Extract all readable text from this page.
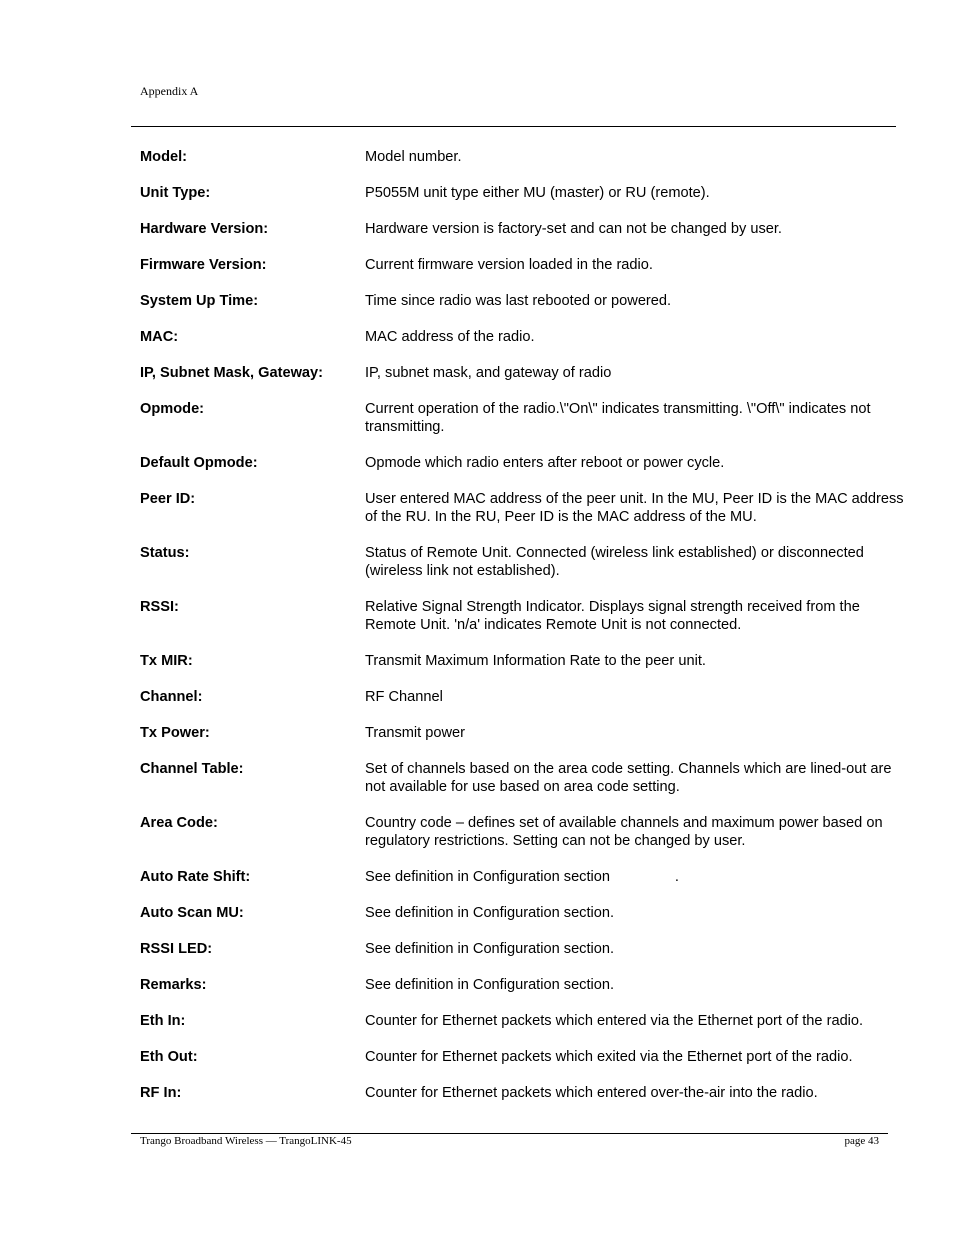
Appendix A
Model:	Model number.
Unit Type:	P5055M unit type either MU (master) or RU (remote).
Hardware Version:	Hardware version is factory-set and can not be changed by user.
Firmware Version:	Current firmware version loaded in the radio.
System Up Time:	Time since radio was last rebooted or powered.
MAC:	MAC address of the radio.
IP, Subnet Mask, Gateway:	IP, subnet mask, and gateway of radio
Opmode:	Current operation of the radio.\"On\" indicates transmitting. \"Off\" indicates not transmitting.
Default Opmode:	Opmode which radio enters after reboot or power cycle.
Peer ID:	User entered MAC address of the peer unit. In the MU, Peer ID is the MAC address of the RU. In the RU, Peer ID is the MAC address of the MU.
Status:	Status of Remote Unit. Connected (wireless link established) or disconnected (wireless link not established).
RSSI:	Relative Signal Strength Indicator. Displays signal strength received from the Remote Unit. 'n/a' indicates Remote Unit is not connected.
Tx MIR:	Transmit Maximum Information Rate to the peer unit.
Channel:	RF Channel
Tx Power:	Transmit power
Channel Table:	Set of channels based on the area code setting. Channels which are lined-out are not available for use based on area code setting.
Area Code:	Country code – defines set of available channels and maximum power based on regulatory restrictions. Setting can not be changed by user.
Auto Rate Shift:	See definition in Configuration section                .
Auto Scan MU:	See definition in Configuration section.
RSSI LED:	See definition in Configuration section.
Remarks:	See definition in Configuration section.
Eth In:	Counter for Ethernet packets which entered via the Ethernet port of the radio.
Eth Out:	Counter for Ethernet packets which exited via the Ethernet port of the radio.
RF In:	Counter for Ethernet packets which entered over-the-air into the radio.
Trango Broadband Wireless — TrangoLINK-45	page 43
